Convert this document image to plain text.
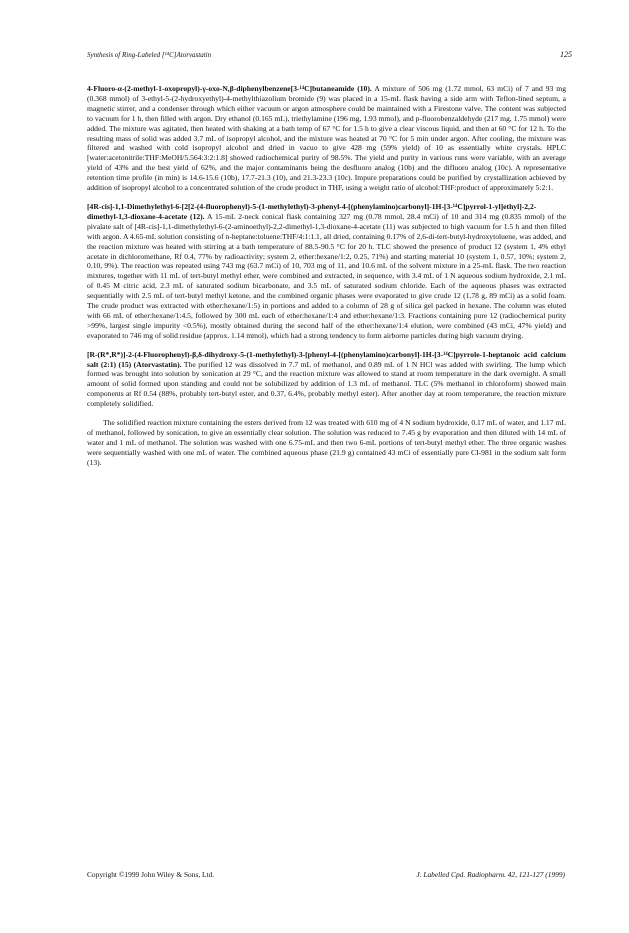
Synthesis of Ring-Labeled [¹⁴C]Atorvastatin	125

4-Fluoro-α-(2-methyl-1-oxopropyl)-γ-oxo-N,β-diphenylbenzene[3-¹⁴C]butaneamide (10). A mixture of 506 mg (1.72 mmol, 63 mCi) of 7 and 93 mg (0.368 mmol) of 3-ethyl-5-(2-hydroxyethyl)-4-methylthiazolium bromide (9) was placed in a 15-mL flask having a side arm with Teflon-lined septum, a magnetic stirrer, and a condenser through which either vacuum or argon atmosphere could be maintained with a Firestone valve. The content was subjected to vacuum for 1 h, then filled with argon. Dry ethanol (0.165 mL), triethylamine (196 mg, 1.93 mmol), and p-fluorobenzaldehyde (217 mg, 1.75 mmol) were added. The mixture was agitated, then heated with shaking at a bath temp of 67 °C for 1.5 h to give a clear viscous liquid, and then at 60 °C for 12 h. To the resulting mass of solid was added 3.7 mL of isopropyl alcohol, and the mixture was heated at 70 °C for 5 min under argon. After cooling, the mixture was filtered and washed with cold isopropyl alcohol and dried in vacuo to give 428 mg (59% yield) of 10 as essentially white crystals. HPLC [water:acetonitrile:THF:MeOH/5.564:3:2:1.8] showed radiochemical purity of 98.5%. The yield and purity in various runs were variable, with an average yield of 43% and the best yield of 62%, and the major contaminants being the desfluoro analog (10b) and the difluoro analog (10c). A representative retention time profile (in min) is 14.6-15.6 (10b), 17.7-21.3 (10), and 21.3-23.3 (10c). Impure preparations could be purified by crystallization achieved by addition of isopropyl alcohol to a concentrated solution of the crude product in THF, using a weight ratio of alcohol:THF:product of approximately 5:2:1.

[4R-cis]-1,1-Dimethylethyl-6-[2[2-(4-fluorophenyl)-5-(1-methylethyl)-3-phenyl-4-[(phenylamino)carbonyl]-1H-[3-¹⁴C]pyrrol-1-yl]ethyl]-2,2-dimethyl-1,3-dioxane-4-acetate (12). A 15-mL 2-neck conical flask containing 327 mg (0.78 mmol, 28.4 mCi) of 10 and 314 mg (0.835 mmol) of the pivalate salt of [4R-cis]-1,1-dimethylethyl-6-(2-aminoethyl)-2,2-dimethyl-1,3-dioxane-4-acetate (11) was subjected to high vacuum for 1.5 h and then filled with argon. A 4.65-mL solution consisting of n-heptane:toluene:THF/4:1:1.1, all dried, containing 0.17% of 2,6-di-tert-butyl-hydroxytoluene, was added, and the reaction mixture was heated with stirring at a bath temperature of 88.5-90.5 °C for 20 h. TLC showed the presence of product 12 (system 1, 4% ethyl acetate in dichloromethane, Rf 0.4, 77% by radioactivity; system 2, ether:hexane/1:2, 0.25, 71%) and starting material 10 (system 1, 0.57, 10%; system 2, 0.10, 9%). The reaction was repeated using 743 mg (63.7 mCi) of 10, 703 mg of 11, and 10.6 mL of the solvent mixture in a 25-mL flask. The two reaction mixtures, together with 11 mL of tert-butyl methyl ether, were combined and extracted, in sequence, with 3.4 mL of 1 N aqueous sodium hydroxide, 2.1 mL of 0.45 M citric acid, 2.3 mL of saturated sodium bicarbonate, and 3.5 mL of saturated sodium chloride. Each of the aqueous phases was extracted sequentially with 2.5 mL of tert-butyl methyl ketone, and the combined organic phases were evaporated to give crude 12 (1.78 g, 89 mCi) as a solid foam. The crude product was extracted with ether:hexane/1:5) in portions and added to a column of 28 g of silica gel packed in hexane. The column was eluted with 66 mL of ether:hexane/1:4.5, followed by 300 mL each of ether:hexane/1:4 and ether:hexane/1:3. Fractions containing pure 12 (radiochemical purity >99%, largest single impurity <0.5%), mostly obtained during the second half of the ether:hexane/1:4 elution, were combined (43 mCi, 47% yield) and evaporated to 746 mg of solid residue (approx. 1.14 mmol), which had a strong tendency to form airborne particles during high vacuum drying.

[R-(R*,R*)]-2-(4-Fluorophenyl)-β,δ-dihydroxy-5-(1-methylethyl)-3-[phenyl-4-[(phenylamino)carbonyl]-1H-[3-¹⁴C]pyrrole-1-heptanoic acid calcium salt (2:1) (15) (Atorvastatin). The purified 12 was dissolved in 7.7 mL of methanol, and 0.89 mL of 1 N HCl was added with swirling. The lump which formed was brought into solution by sonication at 29 °C, and the reaction mixture was allowed to stand at room temperature in the dark overnight. A small amount of solid formed upon standing and could not be solubilized by addition of 1.3 mL of methanol. TLC (5% methanol in chloroform) showed main components at Rf 0.54 (88%, probably tert-butyl ester, and 0.37, 6.4%, probably methyl ester). After another day at room temperature, the reaction mixture completely solidified.

The solidified reaction mixture containing the esters derived from 12 was treated with 610 mg of 4 N sodium hydroxide, 0.17 mL of water, and 1.17 mL of methanol, followed by sonication, to give an essentially clear solution. The solution was reduced to 7.45 g by evaporation and then diluted with 14 mL of water and 1 mL of methanol. The solution was washed with one 6.75-mL and then two 6-mL portions of tert-butyl methyl ether. The three organic washes were sequentially washed with one mL of water. The combined aqueous phase (21.9 g) contained 43 mCi of essentially pure CI-981 in the sodium salt form (13).

Copyright ©1999 John Wiley & Sons, Ltd.	J. Labelled Cpd. Radiopharm. 42, 121-127 (1999)
